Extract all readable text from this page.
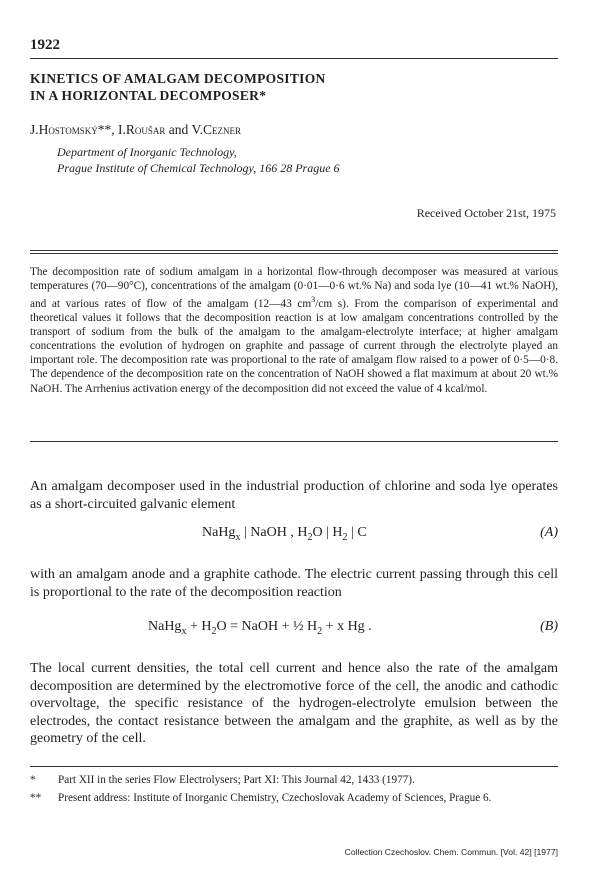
1922
KINETICS OF AMALGAM DECOMPOSITION
IN A HORIZONTAL DECOMPOSER*
J.Hostomský**, I.Roušar and V.Cezner
Department of Inorganic Technology,
Prague Institute of Chemical Technology, 166 28 Prague 6
Received October 21st, 1975

The decomposition rate of sodium amalgam in a horizontal flow-through decomposer was measured at various temperatures (70—90°C), concentrations of the amalgam (0·01—0·6 wt.% Na) and soda lye (10—41 wt.% NaOH), and at various rates of flow of the amalgam (12—43 $cm^3/cm$ s). From the comparison of experimental and theoretical values it follows that the decomposition reaction is at low amalgam concentrations controlled by the transport of sodium from the bulk of the amalgam to the amalgam-electrolyte interface; at higher amalgam concentrations the evolution of hydrogen on graphite and passage of current through the electrolyte played an important role. The decomposition rate was proportional to the rate of amalgam flow raised to a power of 0·5—0·8. The dependence of the decomposition rate on the concentration of NaOH showed a flat maximum at about 20 wt.% NaOH. The Arrhenius activation energy of the decomposition did not exceed the value of 4 kcal/mol.

An amalgam decomposer used in the industrial production of chlorine and soda lye operates as a short-circuited galvanic element

NaHg$_x$ | NaOH , $H_2O$ | $H_2$ | C	(A)

with an amalgam anode and a graphite cathode. The electric current passing through this cell is proportional to the rate of the decomposition reaction

NaHg$_x$ + $H_2O$ = NaOH + ½ $H_2 + x$ Hg .	(B)

The local current densities, the total cell current and hence also the rate of the amalgam decomposition are determined by the electromotive force of the cell, the anodic and cathodic overvoltage, the specific resistance of the hydrogen-electrolyte emulsion between the electrodes, the contact resistance between the amalgam and the graphite, as well as by the geometry of the cell.

* Part XII in the series Flow Electrolysers; Part XI: This Journal 42, 1433 (1977).
** Present address: Institute of Inorganic Chemistry, Czechoslovak Academy of Sciences, Prague 6.
Collection Czechoslov. Chem. Commun. [Vol. 42] [1977]
